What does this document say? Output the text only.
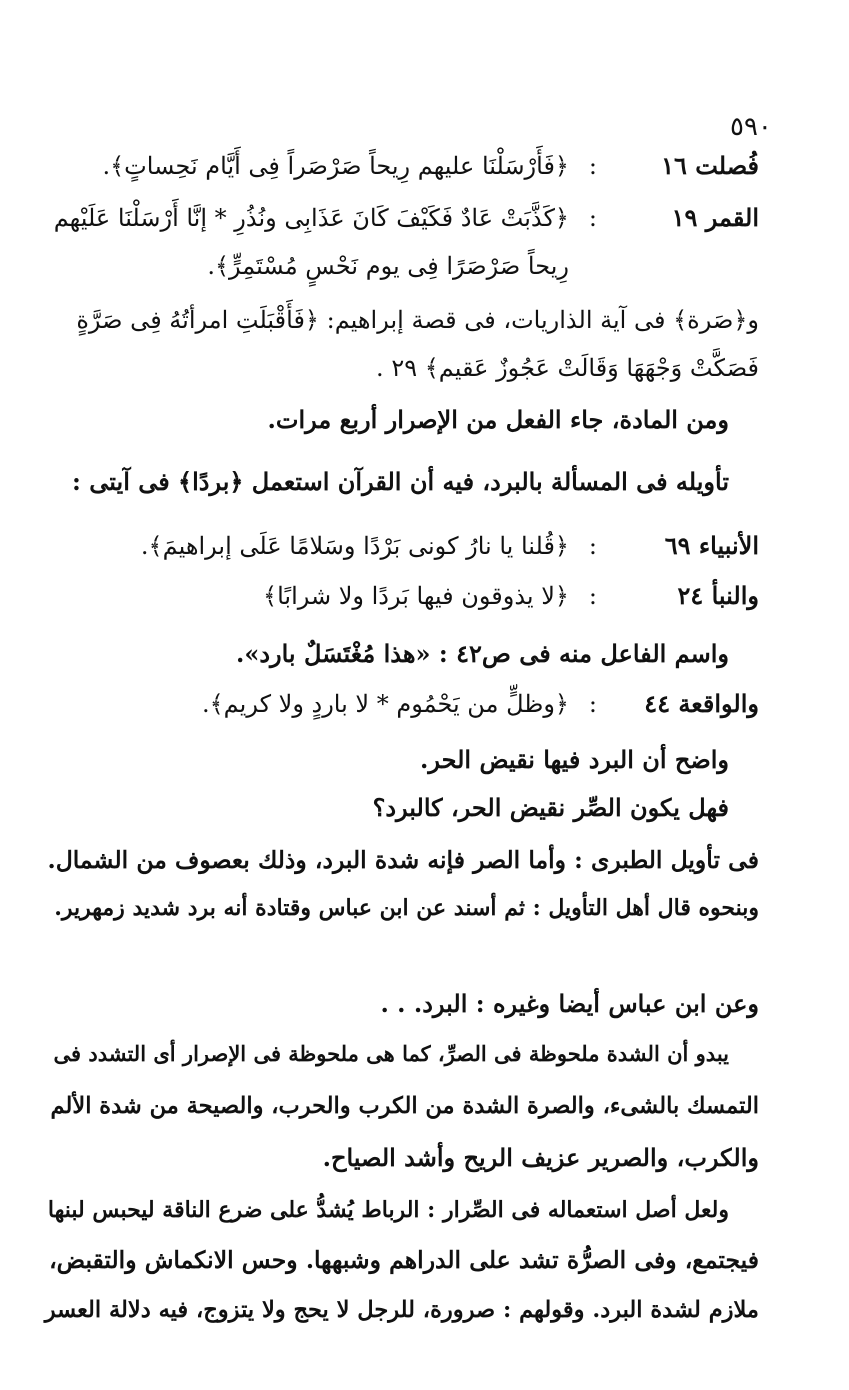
٥٩٠
فُصلت ١٦
:
﴿فَأَرْسَلْنَا عليهم رِيحاً صَرْصَراً فِى أَيَّام نَحِساتٍ﴾.
القمر ١٩
:
﴿كَذَّبَتْ عَادٌ فَكَيْفَ كَانَ عَذَابِى ونُذُرِ * إنَّا أَرْسَلْنَا عَلَيْهم
رِيحاً صَرْصَرًا فِى يوم نَحْسٍ مُسْتَمِرٍّ﴾.
و﴿صَرة﴾ فى آية الذاريات، فى قصة إبراهيم: ﴿فَأَقْبَلَتِ امرأتُهُ فِى صَرَّةٍ
فَصَكَّتْ وَجْهَهَا وَقَالَتْ عَجُوزٌ عَقيم﴾ ٢٩ .
ومن المادة، جاء الفعل من الإصرار أربع مرات.
تأويله فى المسألة بالبرد، فيه أن القرآن استعمل ﴿بردًا﴾ فى آيتى :
الأنبياء ٦٩
:
﴿قُلنا يا نارُ كونى بَرْدًا وسَلامًا عَلَى إبراهيمَ﴾.
والنبأ ٢٤
:
﴿لا يذوقون فيها بَردًا ولا شرابًا﴾
واسم الفاعل منه فى ص٤٢ : «هذا مُغْتَسَلٌ بارد».
والواقعة ٤٤
:
﴿وظلٍّ من يَحْمُوم * لا باردٍ ولا كريم﴾.
واضح أن البرد فيها نقيض الحر.
فهل يكون الصِّر نقيض الحر، كالبرد؟
فى تأويل الطبرى : وأما الصر فإنه شدة البرد، وذلك بعصوف من الشمال.
وبنحوه قال أهل التأويل : ثم أسند عن ابن عباس وقتادة أنه برد شديد زمهرير.
وعن ابن عباس أيضا وغيره : البرد. . .
يبدو أن الشدة ملحوظة فى الصرِّ، كما هى ملحوظة فى الإصرار أى التشدد فى
التمسك بالشىء، والصرة الشدة من الكرب والحرب، والصيحة من شدة الألم
والكرب، والصرير عزيف الريح وأشد الصياح.
ولعل أصل استعماله فى الصِّرار : الرباط يُشدُّ على ضرع الناقة ليحبس لبنها
فيجتمع، وفى الصرُّة تشد على الدراهم وشبهها. وحس الانكماش والتقبض،
ملازم لشدة البرد. وقولهم : صرورة، للرجل لا يحج ولا يتزوج، فيه دلالة العسر
